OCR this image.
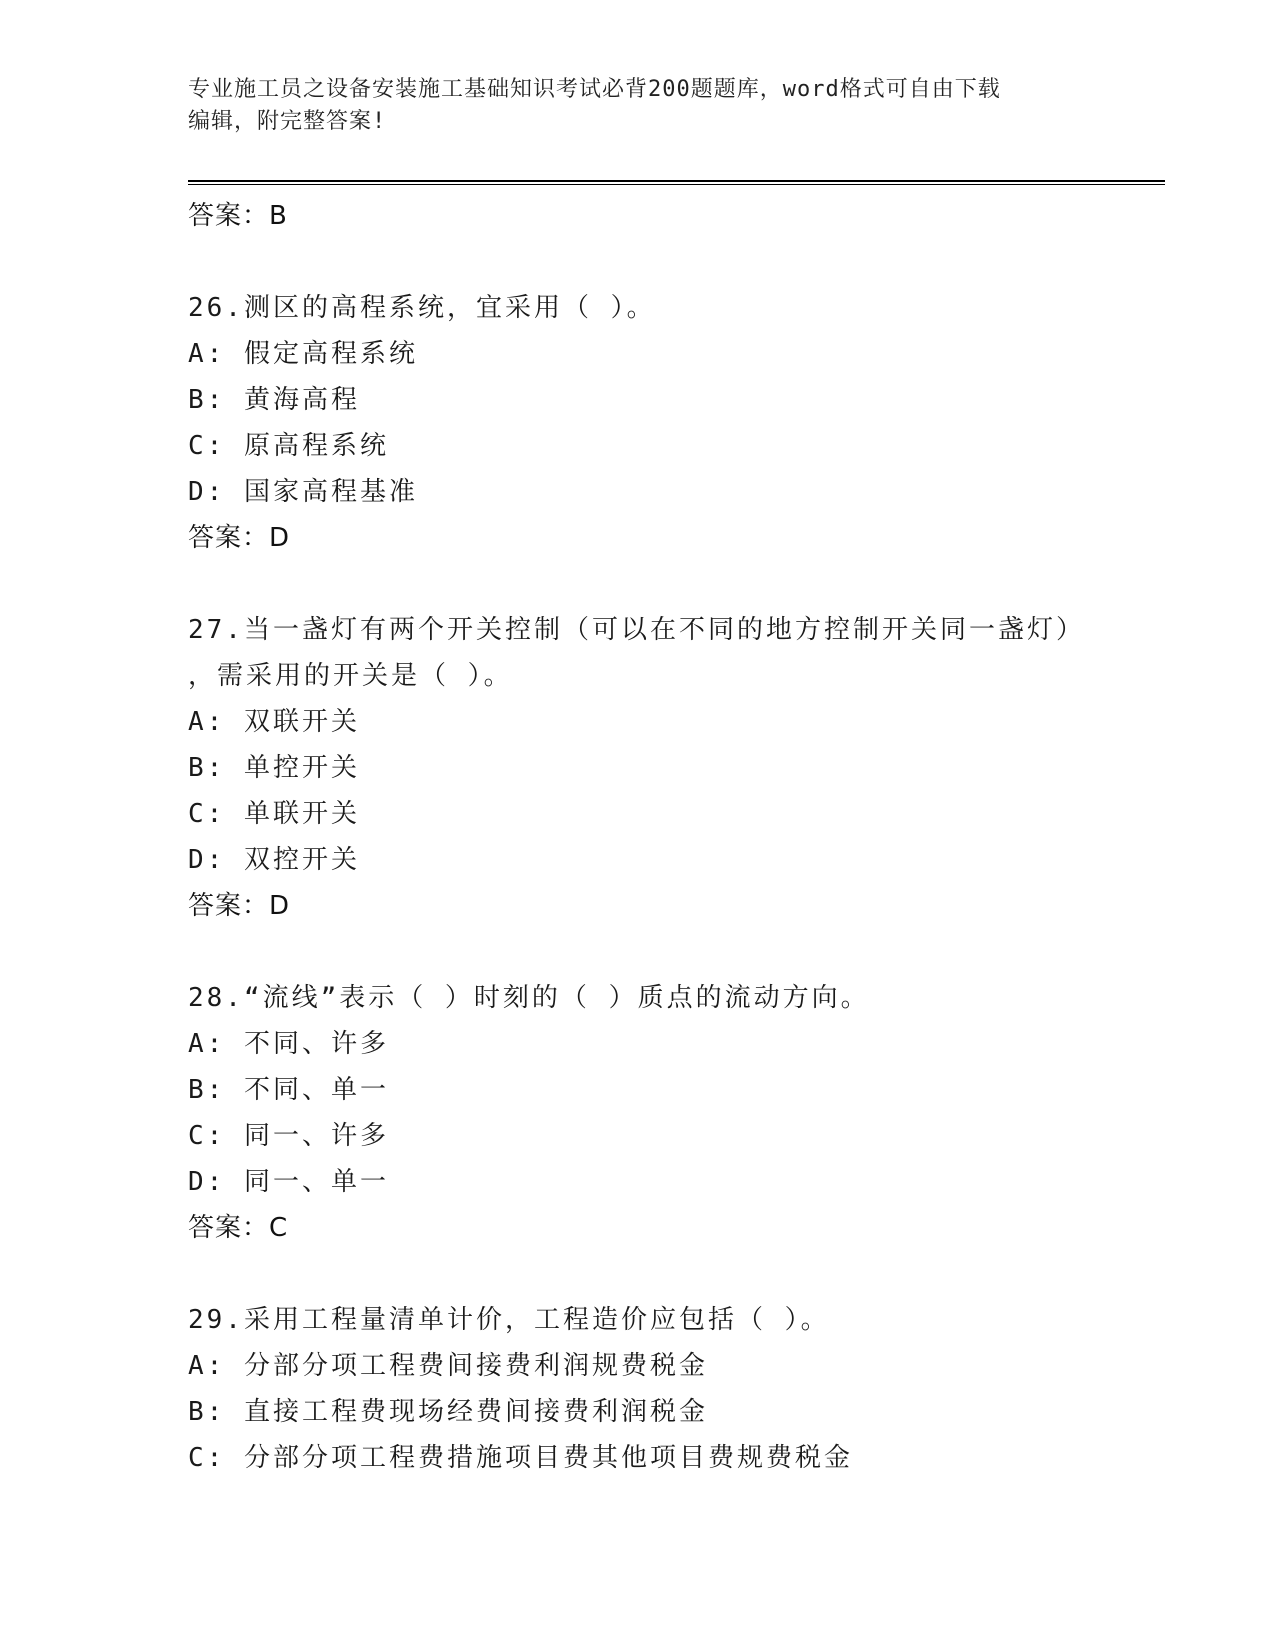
专业施工员之设备安装施工基础知识考试必背200题题库，word格式可自由下载
编辑，附完整答案!
答案：B
26.测区的高程系统，宜采用（ ）。
A: 假定高程系统
B: 黄海高程
C: 原高程系统
D: 国家高程基准
答案：D
27.当一盏灯有两个开关控制（可以在不同的地方控制开关同一盏灯）
，需采用的开关是（ ）。
A: 双联开关
B: 单控开关
C: 单联开关
D: 双控开关
答案：D
28.“流线”表示（ ）时刻的（ ）质点的流动方向。
A: 不同、许多
B: 不同、单一
C: 同一、许多
D: 同一、单一
答案：C
29.采用工程量清单计价，工程造价应包括（ ）。
A: 分部分项工程费间接费利润规费税金
B: 直接工程费现场经费间接费利润税金
C: 分部分项工程费措施项目费其他项目费规费税金
